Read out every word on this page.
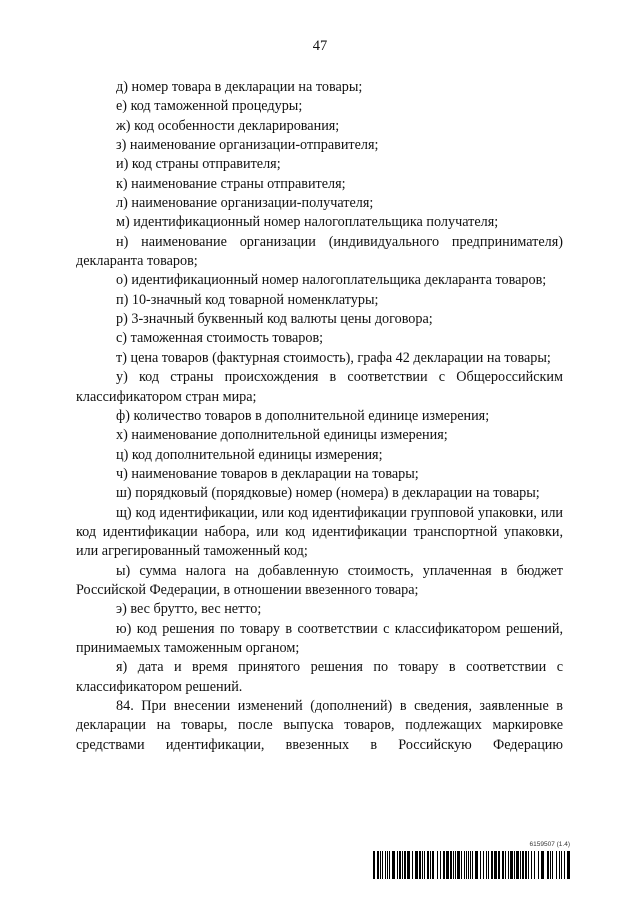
47

д) номер товара в декларации на товары;

е) код таможенной процедуры;

ж) код особенности декларирования;

з) наименование организации-отправителя;

и) код страны отправителя;

к) наименование страны отправителя;

л) наименование организации-получателя;

м) идентификационный номер налогоплательщика получателя;

н) наименование организации (индивидуального предпринимателя) декларанта товаров;

о) идентификационный номер налогоплательщика декларанта товаров;

п) 10-значный код товарной номенклатуры;

р) 3-значный буквенный код валюты цены договора;

с) таможенная стоимость товаров;

т) цена товаров (фактурная стоимость), графа 42 декларации на товары;

у) код страны происхождения в соответствии с Общероссийским классификатором стран мира;

ф) количество товаров в дополнительной единице измерения;

х) наименование дополнительной единицы измерения;

ц) код дополнительной единицы измерения;

ч) наименование товаров в декларации на товары;

ш) порядковый (порядковые) номер (номера) в декларации на товары;

щ) код идентификации, или код идентификации групповой упаковки, или код идентификации набора, или код идентификации транспортной упаковки, или агрегированный таможенный код;

ы) сумма налога на добавленную стоимость, уплаченная в бюджет Российской Федерации, в отношении ввезенного товара;

э) вес брутто, вес нетто;

ю) код решения по товару в соответствии с классификатором решений, принимаемых таможенным органом;

я) дата и время принятого решения по товару в соответствии с классификатором решений.

84. При внесении изменений (дополнений) в сведения, заявленные в декларации на товары, после выпуска товаров, подлежащих маркировке средствами идентификации, ввезенных в Российскую Федерацию

6159507 (1.4)
